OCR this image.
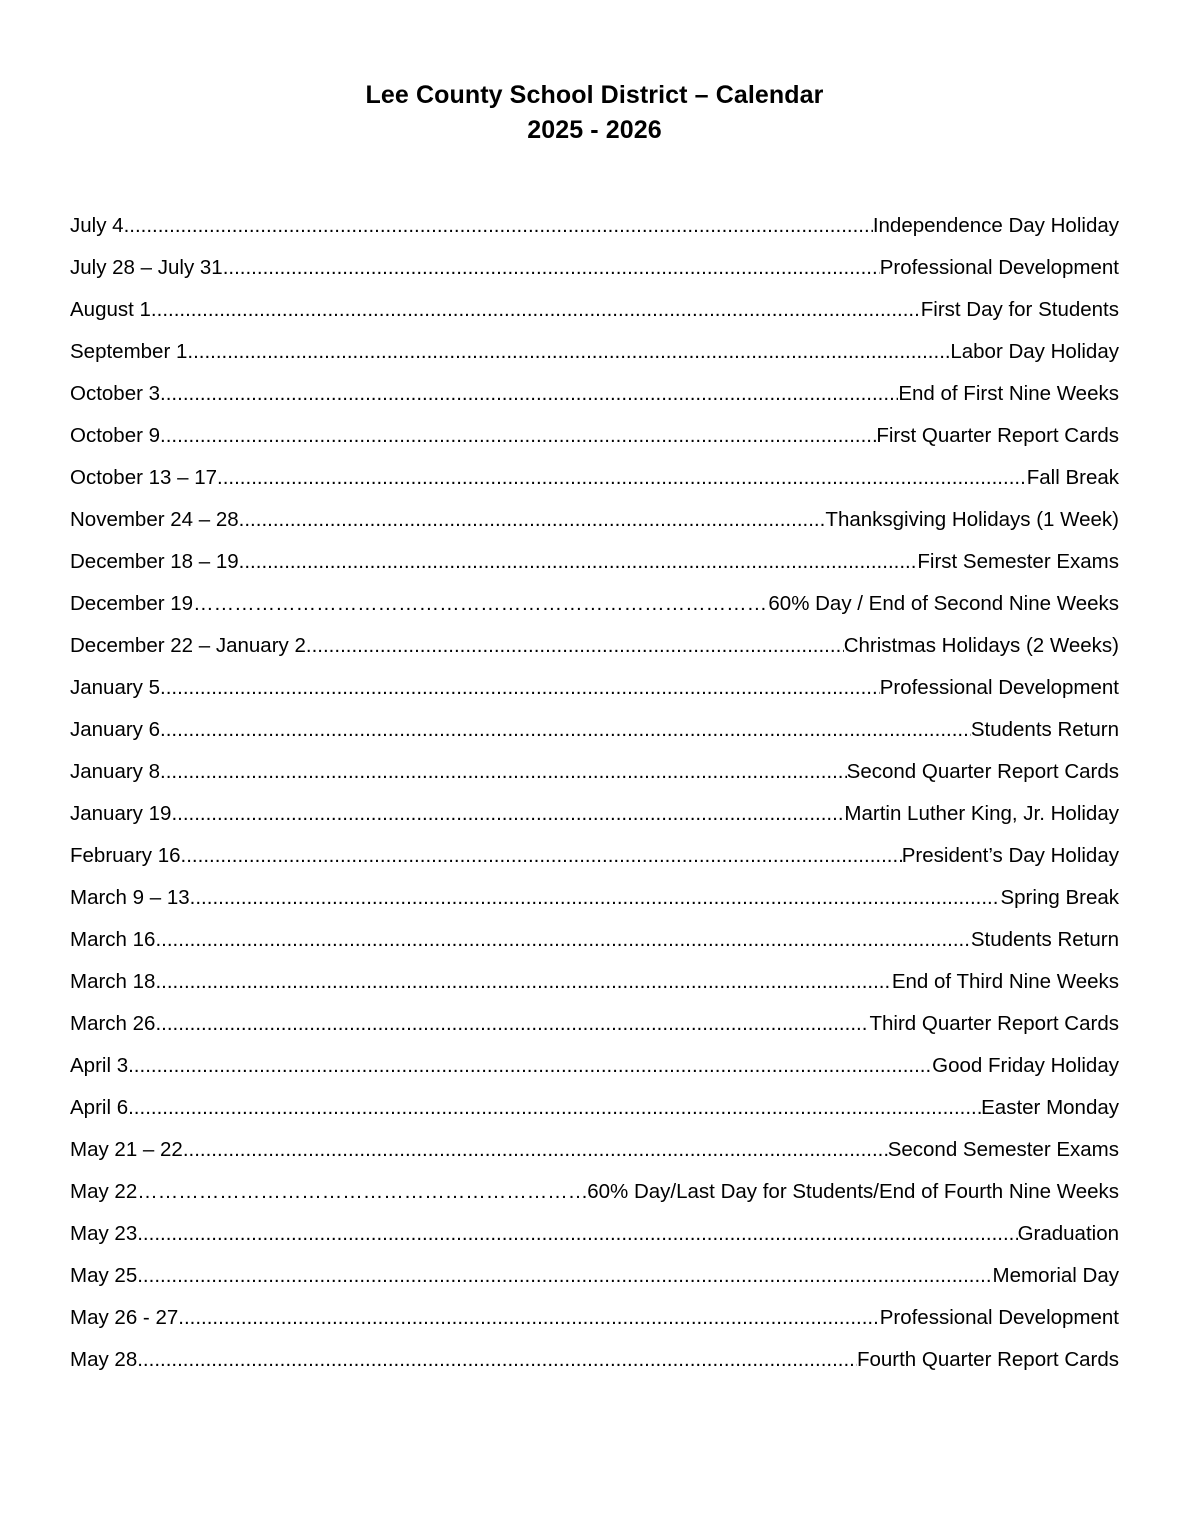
Lee County School District – Calendar
2025 - 2026
July 4 .....	Independence Day Holiday
July 28 – July 31 .....	Professional Development
August 1 .....	First Day for Students
September 1 .....	Labor Day Holiday
October 3 .....	End of First Nine Weeks
October 9 .....	First Quarter Report Cards
October 13 – 17 .....	Fall Break
November 24 – 28 .....	Thanksgiving Holidays (1 Week)
December 18 – 19 .....	First Semester Exams
December 19 …………………………………………………………………………………………………………………………………………...	60% Day / End of Second Nine Weeks
December 22 – January 2 .....	Christmas Holidays (2 Weeks)
January 5 .....	Professional Development
January 6 .....	Students Return
January 8 .....	Second Quarter Report Cards
January 19 .....	Martin Luther King, Jr. Holiday
February 16 .....	President’s Day Holiday
March 9 – 13 .....	Spring Break
March 16 .....	Students Return
March 18 .....	End of Third Nine Weeks
March 26 .....	Third Quarter Report Cards
April 3 .....	Good Friday Holiday
April 6 .....	Easter Monday
May 21 – 22 .....	Second Semester Exams
May 22 …………………………………………………………………………………………………………………………………………...	60% Day/Last Day for Students/End of Fourth Nine Weeks
May 23 .....	Graduation
May 25 .....	Memorial Day
May 26 - 27 .....	Professional Development
May 28 .....	Fourth Quarter Report Cards
